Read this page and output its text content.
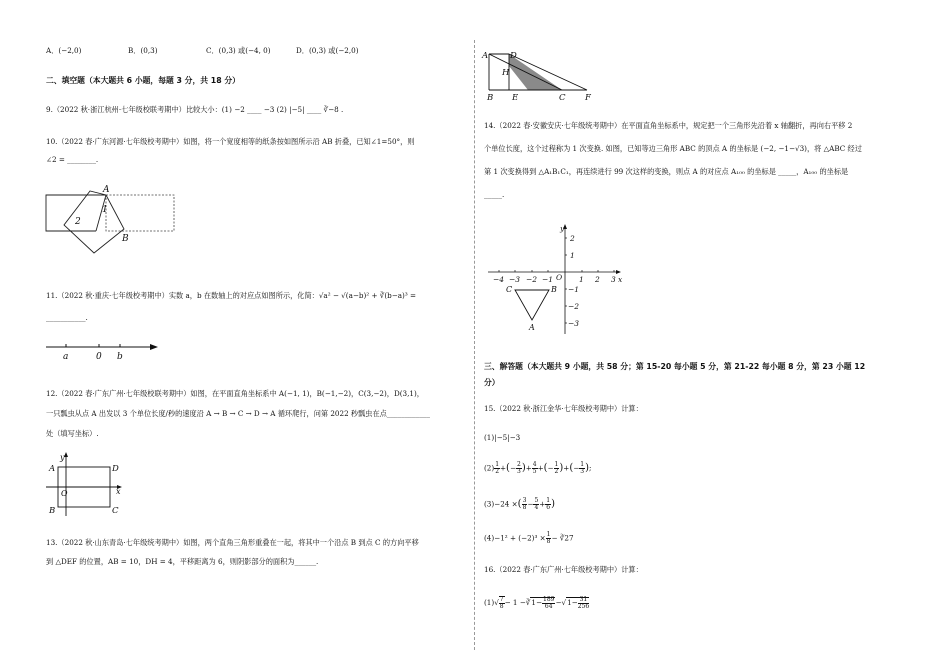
A．(−2,0)	B．(0,3)	C．(0,3) 或(−4, 0)	D．(0,3) 或(−2,0)
二、填空题（本大题共 6 小题，每题 3 分，共 18 分）
9.（2022 秋·浙江杭州·七年级校联考期中）比较大小：(1) −2 ____ −3 (2) |−5| ____ ∛−8 .
10.（2022 春·广东河源·七年级校考期中）如图，将一个宽度相等的纸条按如图所示沿 AB 折叠，已知∠1=50°，则
∠2 = ________.
A
B
1
2
11.（2022 秋·重庆·七年级校考期中）实数 a，b 在数轴上的对应点如图所示，化简：√a² − √(a−b)² + ∛(b−a)³ =
___________.
a	0 b
12.（2022 春·广东广州·七年级校联考期中）如图，在平面直角坐标系中 A(−1, 1)，B(−1,−2)，C(3,−2)，D(3,1)，
一只瓢虫从点 A 出发以 3 个单位长度/秒的速度沿 A → B → C → D → A 循环爬行，问第 2022 秒瓢虫在点____________
处（填写坐标）.
A	D
B	C
O	x
y
13.（2022 秋·山东青岛·七年级统考期中）如图，两个直角三角形重叠在一起，将其中一个沿点 B 到点 C 的方向平移
到 △DEF 的位置，AB = 10，DH = 4，平移距离为 6，则阴影部分的面积为______.
A	D
H
B E	C F
14.（2022 春·安徽安庆·七年级统考期中）在平面直角坐标系中，规定把一个三角形先沿着 x 轴翻折，再向右平移 2
个单位长度，这个过程称为 1 次变换. 如图，已知等边三角形 ABC 的顶点 A 的坐标是 (−2, −1−√3)，将 △ABC 经过
第 1 次变换得到 △A₁B₁C₁，再连续进行 99 次这样的变换，则点 A 的对应点 A₁₀₀ 的坐标是 _____，A₁₀₀ 的坐标是
_____.
−4 −3 −2 −1	1 2 3
2
1
−1
−2
−3
O	x
y
C	B
A
三、解答题（本大题共 9 小题，共 58 分；第 15-20 每小题 5 分，第 21-22 每小题 8 分，第 23 小题 12
分）
15.（2022 秋·浙江金华·七年级校考期中）计算：
(1)|−5|−3
$(2) \frac{1}{2}$ +(− $\frac{2}{3}$ )+ $\frac{4}{5}$ +(− $\frac{1}{2}$ )+(− $\frac{1}{3}$ );
(3)−24 ×( $\frac{3}{8} - \frac{5}{4} + \frac{1}{6}$ )
$(4)-1^2 + (-2)^3 \times \frac{1}{8}$ − ∛27
16.（2022 春·广东广州·七年级校考期中）计算：
$(1)√ \frac{7}{8} - 1$ −∛1− $\frac{189}{64} -√1- \frac{31}{256}$
